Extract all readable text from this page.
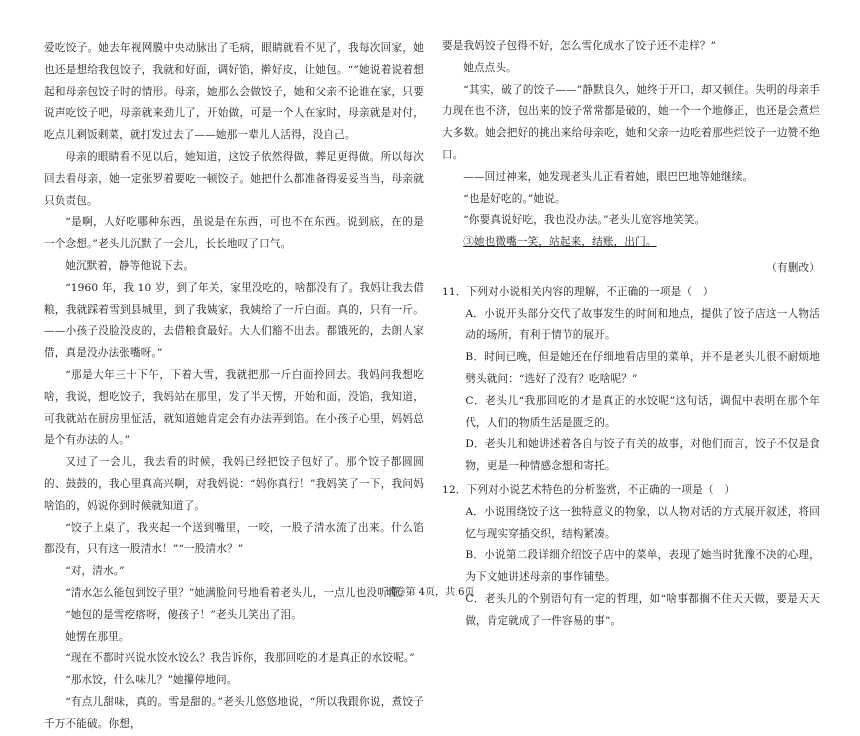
爱吃饺子。她去年视网膜中央动脉出了毛病，眼睛就看不见了，我每次回家，她也还是想给我包饺子，我就和好面，调好馅，擀好皮，让她包。“”她说着说着想起和母亲包饺子时的情形。母亲，她那么会做饺子，她和父亲不论谁在家，只要说声吃饺子吧，母亲就来劲儿了，开始做，可是一个人在家时，母亲就是对付，吃点儿剩饭剩菜，就打发过去了——她那一辈儿人活得，没自己。

母亲的眼睛看不见以后，她知道，这饺子依然得做，葬足更得做。所以每次回去看母亲，她一定张罗着要吃一顿饺子。她把什么都准备得妥妥当当，母亲就只负责包。

“是啊，人好吃哪种东西，虽说是在东西，可也不在东西。说到底，在的是一个念想。”老头儿沉默了一会儿，长长地叹了口气。

她沉默着，静等他说下去。

“1960 年，我 10 岁，到了年关，家里没吃的，啥都没有了。我妈让我去借粮，我就踩着雪到县城里，到了我姨家，我姨给了一斤白面。真的，只有一斤。——小孩子没脸没皮的，去借粮食最好。大人们豁不出去。都饿死的，去朗人家借，真是没办法张嘴呀。”

“那是大年三十下午，下着大雪，我就把那一斤白面拎回去。我妈问我想吃啥，我说，想吃饺子，我妈站在那里，发了半天愣，开始和面，没馅，我知道，可我就站在厨房里怔活，就知道她肯定会有办法弄到馅。在小孩子心里，妈妈总是个有办法的人。”

又过了一会儿，我去看的时候，我妈已经把饺子包好了。那个饺子都圆圆的、鼓鼓的，我心里真高兴啊，对我妈说：“妈你真行！”我妈笑了一下，我问妈啥馅的，妈说你到时候就知道了。

“饺子上桌了，我夹起一个送到嘴里，一咬，一股子清水流了出来。什么馅都没有，只有这一股清水！”“一股清水？”

“对，清水。”

“清水怎么能包到饺子里？”她满脸问号地看着老头儿，一点儿也没听懂。

“她包的是雪疙瘩呀，傻孩子！”老头儿笑出了泪。

她愣在那里。

“现在不都时兴说水饺水饺么？我告诉你，我那回吃的才是真正的水饺呢。”

“那水饺，什么味儿？”她攥停地问。

“有点儿甜味，真的。雪是甜的。”老头儿悠悠地说，“所以我跟你说，煮饺子千万不能破。你想，

要是我妈饺子包得不好，怎么雪化成水了饺子还不走样？”

她点点头。

“其实，破了的饺子——”静默良久，她终于开口，却又顿住。失明的母亲手力现在也不济，包出来的饺子常常都是破的，她一个一个地修正，也还是会煮烂大多数。她会把好的挑出来给母亲吃，她和父亲一边吃着那些烂饺子一边赞不绝口。

——回过神来，她发现老头儿正看着她，眼巴巴地等她继续。

“也是好吃的。”她说。

“你要真说好吃，我也没办法。”老头儿宽容地笑笑。

③她也微嘴一笑，站起来，结账，出门。

（有删改）

11．下列对小说相关内容的理解，不正确的一项是（　）

A．小说开头部分交代了故事发生的时间和地点，提供了饺子店这一人物活动的场所，有利于情节的展开。

B．时间已晚，但是她还在仔细地看店里的菜单，并不是老头儿很不耐烦地劈头就问：“选好了没有？吃啥呢？”

C．老头儿“我那回吃的才是真正的水饺呢”这句话，调侃中表明在那个年代，人们的物质生活是匮乏的。

D．老头儿和她讲述着各自与饺子有关的故事，对他们而言，饺子不仅是食物，更是一种情感念想和寄托。

12．下列对小说艺术特色的分析鉴赏，不正确的一项是（　）

A．小说围绕饺子这一独特意义的物象，以人物对话的方式展开叙述，将回忆与现实穿插交织，结构紧凑。

B．小说第二段详细介绍饺子店中的菜单，表现了她当时犹豫不决的心理，为下文她讲述母亲的事作铺垫。

C．老头儿的个别语句有一定的哲理，如“啥事都搁不住天天做，要是天天做，肯定就成了一件容易的事”。

试卷第 4页，共 6页
